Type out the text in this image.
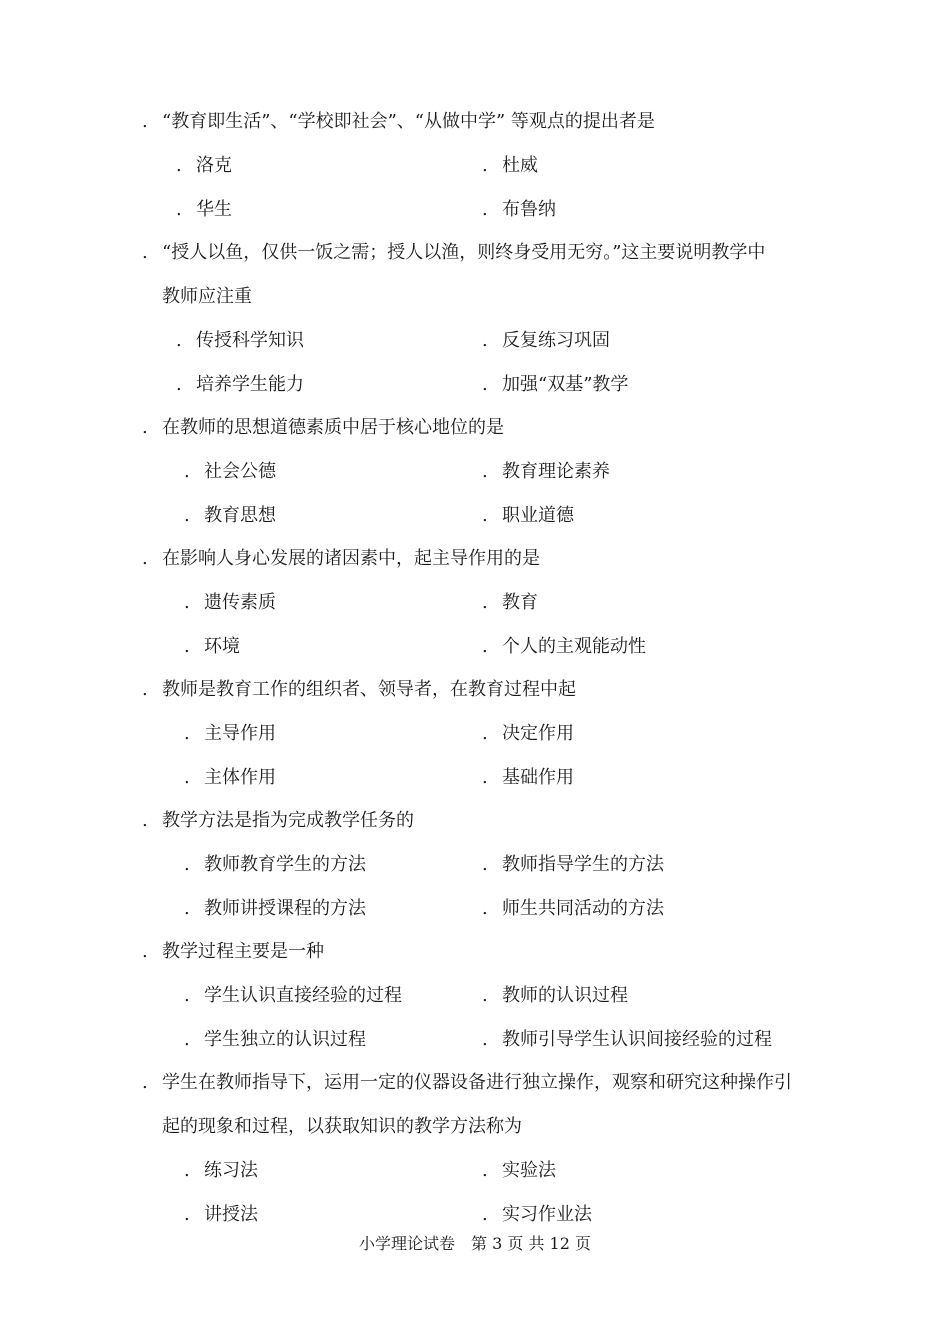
. “教育即生活”、“学校即社会”、“从做中学” 等观点的提出者是
. 洛克	. 杜威
. 华生	. 布鲁纳
. “授人以鱼，仅供一饭之需；授人以渔，则终身受用无穷。”这主要说明教学中
教师应注重
. 传授科学知识	. 反复练习巩固
. 培养学生能力	. 加强“双基”教学
. 在教师的思想道德素质中居于核心地位的是
. 社会公德	. 教育理论素养
. 教育思想	. 职业道德
. 在影响人身心发展的诸因素中，起主导作用的是
. 遗传素质	. 教育
. 环境	. 个人的主观能动性
. 教师是教育工作的组织者、领导者，在教育过程中起
. 主导作用	. 决定作用
. 主体作用	. 基础作用
. 教学方法是指为完成教学任务的
. 教师教育学生的方法	. 教师指导学生的方法
. 教师讲授课程的方法	. 师生共同活动的方法
. 教学过程主要是一种
. 学生认识直接经验的过程	. 教师的认识过程
. 学生独立的认识过程	. 教师引导学生认识间接经验的过程
. 学生在教师指导下，运用一定的仪器设备进行独立操作，观察和研究这种操作引
起的现象和过程，以获取知识的教学方法称为
. 练习法	. 实验法
. 讲授法	. 实习作业法
小学理论试卷　第 3 页 共 12 页
